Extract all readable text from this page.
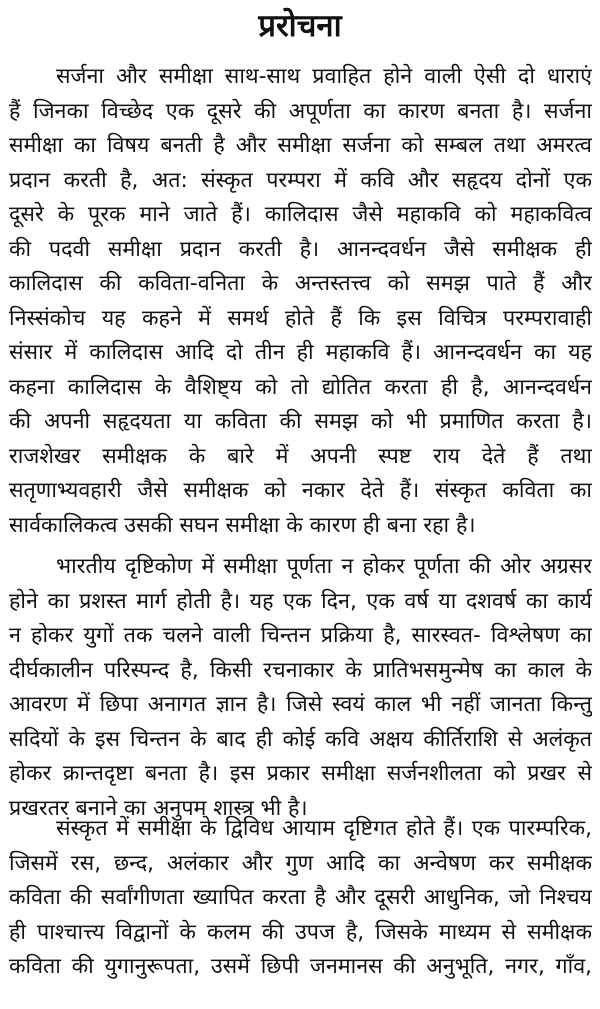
प्ररोचना
सर्जना और समीक्षा साथ-साथ प्रवाहित होने वाली ऐसी दो धाराएं
हैं जिनका विच्छेद एक दूसरे की अपूर्णता का कारण बनता है। सर्जना
समीक्षा का विषय बनती है और समीक्षा सर्जना को सम्बल तथा अमरत्व
प्रदान करती है, अत: संस्कृत परम्परा में कवि और सहृदय दोनों एक
दूसरे के पूरक माने जाते हैं। कालिदास जैसे महाकवि को महाकवित्व
की पदवी समीक्षा प्रदान करती है। आनन्दवर्धन जैसे समीक्षक ही
कालिदास की कविता-वनिता के अन्तस्तत्त्व को समझ पाते हैं और
निस्संकोच यह कहने में समर्थ होते हैं कि इस विचित्र परम्परावाही
संसार में कालिदास आदि दो तीन ही महाकवि हैं। आनन्दवर्धन का यह
कहना कालिदास के वैशिष्ट्य को तो द्योतित करता ही है, आनन्दवर्धन
की अपनी सहृदयता या कविता की समझ को भी प्रमाणित करता है।
राजशेखर समीक्षक के बारे में अपनी स्पष्ट राय देते हैं तथा
सतृणाभ्यवहारी जैसे समीक्षक को नकार देते हैं। संस्कृत कविता का
सार्वकालिकत्व उसकी सघन समीक्षा के कारण ही बना रहा है।
भारतीय दृष्टिकोण में समीक्षा पूर्णता न होकर पूर्णता की ओर अग्रसर
होने का प्रशस्त मार्ग होती है। यह एक दिन, एक वर्ष या दशवर्ष का कार्य
न होकर युगों तक चलने वाली चिन्तन प्रक्रिया है, सारस्वत- विश्लेषण का
दीर्घकालीन परिस्पन्द है, किसी रचनाकार के प्रातिभसमुन्मेष का काल के
आवरण में छिपा अनागत ज्ञान है। जिसे स्वयं काल भी नहीं जानता किन्तु
सदियों के इस चिन्तन के बाद ही कोई कवि अक्षय कीर्तिराशि से अलंकृत
होकर क्रान्तदृष्टा बनता है। इस प्रकार समीक्षा सर्जनशीलता को प्रखर से
प्रखरतर बनाने का अनुपम शास्त्र भी है।
संस्कृत में समीक्षा के द्विविध आयाम दृष्टिगत होते हैं। एक पारम्परिक,
जिसमें रस, छन्द, अलंकार और गुण आदि का अन्वेषण कर समीक्षक
कविता की सर्वांगीणता ख्यापित करता है और दूसरी आधुनिक, जो निश्चय
ही पाश्चात्त्य विद्वानों के कलम की उपज है, जिसके माध्यम से समीक्षक
कविता की युगानुरूपता, उसमें छिपी जनमानस की अनुभूति, नगर, गाँव,
